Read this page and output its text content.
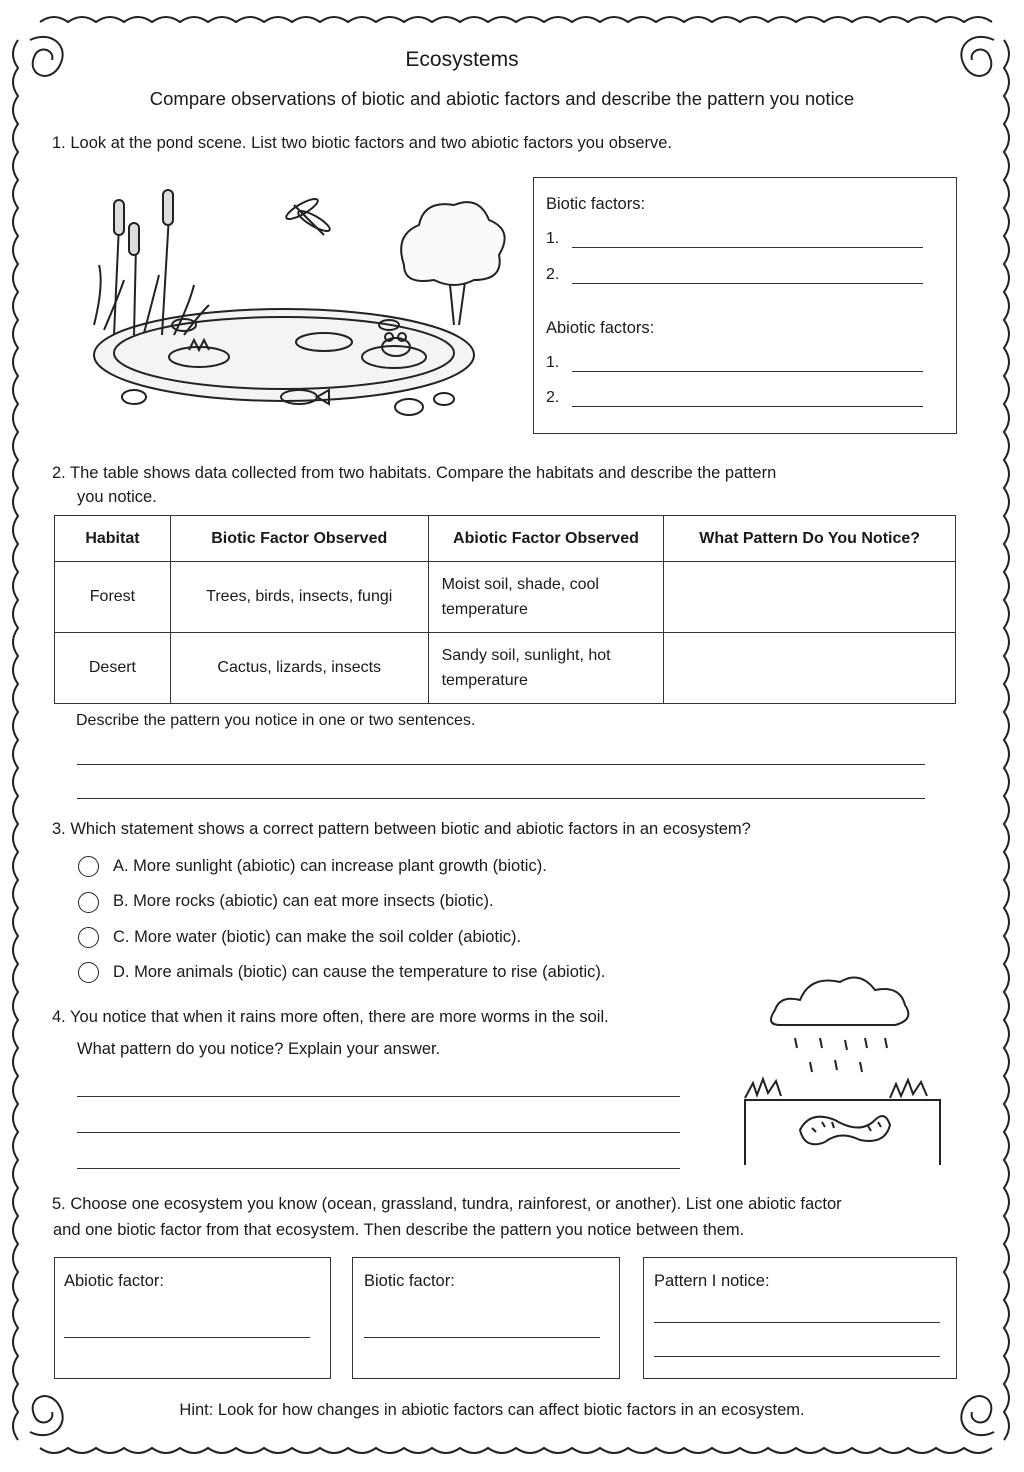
Ecosystems
Compare observations of biotic and abiotic factors and describe the pattern you notice
1. Look at the pond scene. List two biotic factors and two abiotic factors you observe.
Biotic factors:
1.
2.
Abiotic factors:
1.
2.
2. The table shows data collected from two habitats. Compare the habitats and describe the pattern
you notice.
Habitat	Biotic Factor Observed	Abiotic Factor Observed	What Pattern Do You Notice?
Forest	Trees, birds, insects, fungi	Moist soil, shade, cool temperature	
Desert	Cactus, lizards, insects	Sandy soil, sunlight, hot temperature	
Describe the pattern you notice in one or two sentences.
3. Which statement shows a correct pattern between biotic and abiotic factors in an ecosystem?
A. More sunlight (abiotic) can increase plant growth (biotic).
B. More rocks (abiotic) can eat more insects (biotic).
C. More water (biotic) can make the soil colder (abiotic).
D. More animals (biotic) can cause the temperature to rise (abiotic).
4. You notice that when it rains more often, there are more worms in the soil.
What pattern do you notice? Explain your answer.
5. Choose one ecosystem you know (ocean, grassland, tundra, rainforest, or another). List one abiotic factor
and one biotic factor from that ecosystem. Then describe the pattern you notice between them.
Abiotic factor:	Biotic factor:	Pattern I notice:
Hint: Look for how changes in abiotic factors can affect biotic factors in an ecosystem.
